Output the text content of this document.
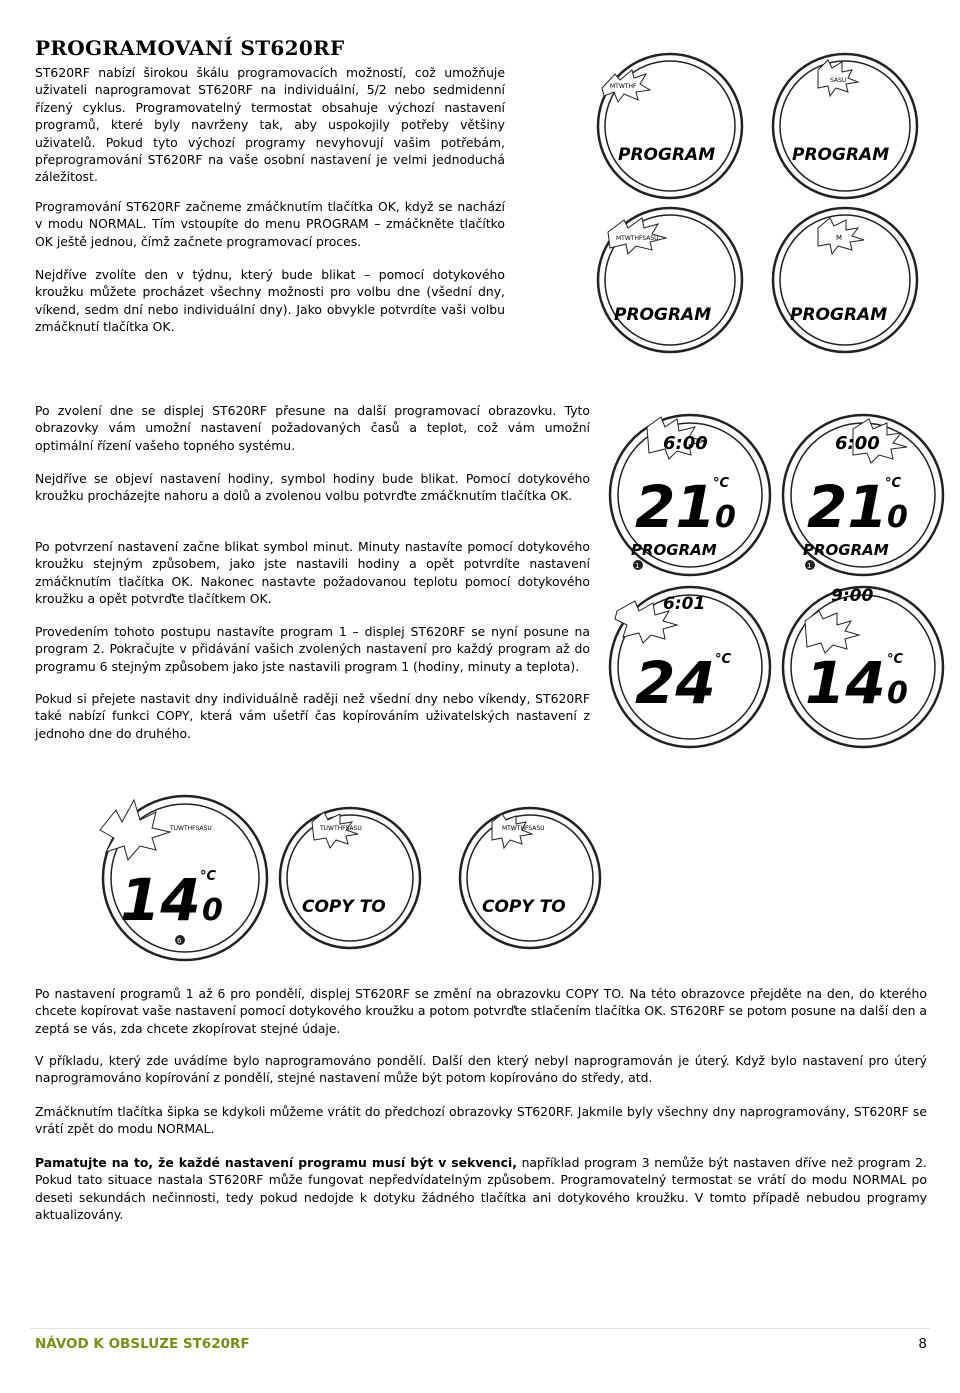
PROGRAMOVANÍ ST620RF

ST620RF nabízí širokou škálu programovacích možností, což umožňuje uživateli naprogramovat ST620RF na individuální, 5/2 nebo sedmidenní řízený cyklus. Programovatelný termostat obsahuje výchozí nastavení programů, které byly navrženy tak, aby uspokojily potřeby většiny uživatelů. Pokud tyto výchozí programy nevyhovují vašim potřebám, přeprogramování ST620RF na vaše osobní nastavení je velmi jednoduchá záležitost.

Programování ST620RF začneme zmáčknutím tlačítka OK, když se nachází v modu NORMAL. Tím vstoupíte do menu PROGRAM – zmáčkněte tlačítko OK ještě jednou, čímž začnete programovací proces.

Nejdříve zvolíte den v týdnu, který bude blikat – pomocí dotykového kroužku můžete procházet všechny možnosti pro volbu dne (všední dny, víkend, sedm dní nebo individuální dny). Jako obvykle potvrdíte vaši volbu zmáčknutí tlačítka OK.

MTWTHF
PROGRAM
SASU
PROGRAM
MTWTHFSASU
PROGRAM
M
PROGRAM

Po zvolení dne se displej ST620RF přesune na další programovací obrazovku. Tyto obrazovky vám umožní nastavení požadovaných časů a teplot, což vám umožní optimální řízení vašeho topného systému.

Nejdříve se objeví nastavení hodiny, symbol hodiny bude blikat. Pomocí dotykového kroužku procházejte nahoru a dolů a zvolenou volbu potvrďte zmáčknutím tlačítka OK.

Po potvrzení nastavení začne blikat symbol minut. Minuty nastavíte pomocí dotykového kroužku stejným způsobem, jako jste nastavili hodiny a opět potvrdíte nastavení zmáčknutím tlačítka OK. Nakonec nastavte požadovanou teplotu pomocí dotykového kroužku a opět potvrďte tlačítkem OK.

Provedením tohoto postupu nastavíte program 1 – displej ST620RF se nyní posune na program 2. Pokračujte v přidávání vašich zvolených nastavení pro každý program až do programu 6 stejným způsobem jako jste nastavili program 1 (hodiny, minuty a teplota).

Pokud si přejete nastavit dny individuálně raději než všední dny nebo víkendy, ST620RF také nabízí funkci COPY, která vám ušetří čas kopírováním uživatelských nastavení z jednoho dne do druhého.

6:00
21 0
°C
PROGRAM
1
6:00
21 0
°C
PROGRAM
1
6:01
24 °C
9:00
14 0
°C
TUWTHFSASU
14 0
°C
6
TUWTHFSASU
COPY TO
MTWTHFSASU
COPY TO

Po nastavení programů 1 až 6 pro pondělí, displej ST620RF se změní na obrazovku COPY TO. Na této obrazovce přejděte na den, do kterého chcete kopírovat vaše nastavení pomocí dotykového kroužku a potom potvrďte stlačením tlačítka OK. ST620RF se potom posune na další den a zeptá se vás, zda chcete zkopírovat stejné údaje.

V příkladu, který zde uvádíme bylo naprogramováno pondělí. Další den který nebyl naprogramován je úterý. Když bylo nastavení pro úterý naprogramováno kopírování z pondělí, stejné nastavení může být potom kopírováno do středy, atd.

Zmáčknutím tlačítka šipka se kdykoli můžeme vrátit do předchozí obrazovky ST620RF. Jakmile byly všechny dny naprogramovány, ST620RF se vrátí zpět do modu NORMAL.

Pamatujte na to, že každé nastavení programu musí být v sekvenci, například program 3 nemůže být nastaven dříve než program 2. Pokud tato situace nastala ST620RF může fungovat nepředvídatelným způsobem. Programovatelný termostat se vrátí do modu NORMAL po deseti sekundách nečinnosti, tedy pokud nedojde k dotyku žádného tlačítka ani dotykového kroužku. V tomto případě nebudou programy aktualizovány.

NÁVOD K OBSLUZE ST620RF	8
